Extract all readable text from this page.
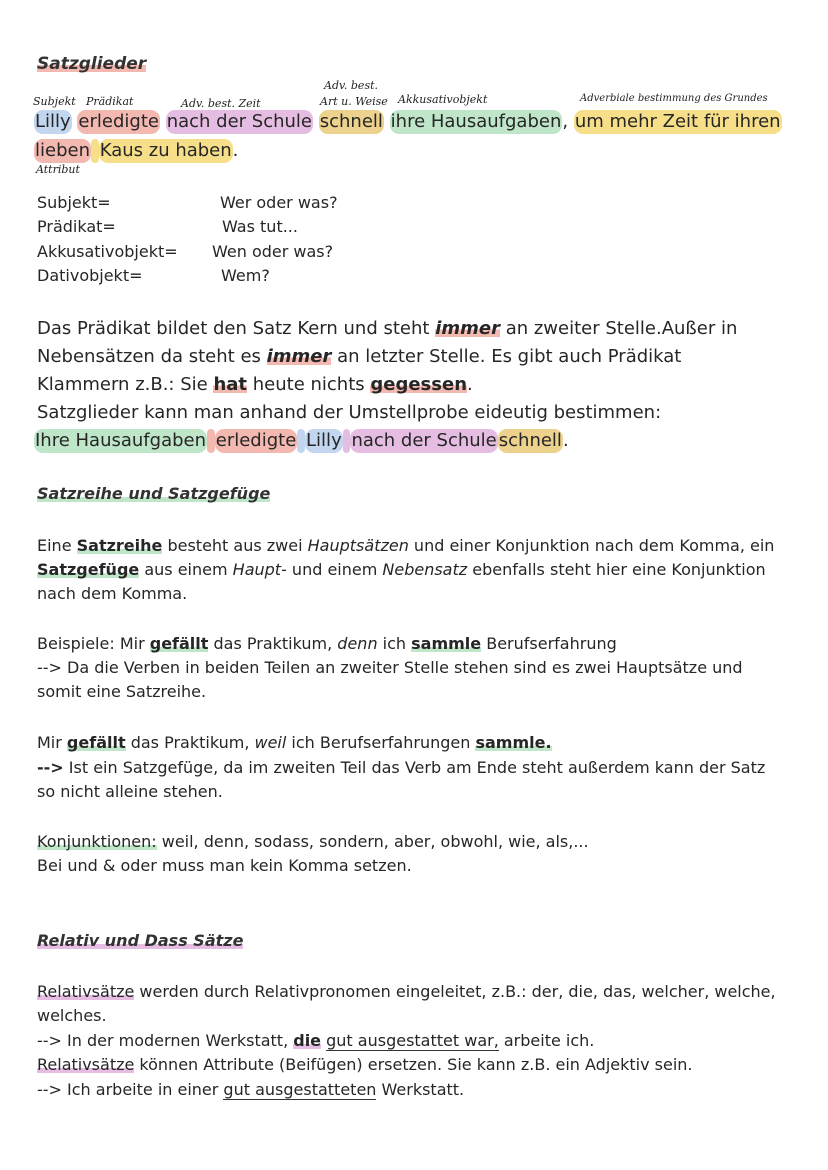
Satzglieder
Subjekt Prädikat	Adv. best. Zeit
Adv. best.
Art u. Weise Akkusativobjekt	Adverbiale bestimmung des Grundes
Lilly erledigte nach der Schule schnell ihre Hausaufgaben, um mehr Zeit für ihren
lieben Kaus zu haben.
Attribut
Subjekt=	Wer oder was?
Prädikat=	Was tut...
Akkusativobjekt= Wen oder was?
Dativobjekt=	Wem?
Das Prädikat bildet den Satz Kern und steht immer an zweiter Stelle.Außer in
Nebensätzen da steht es immer an letzter Stelle. Es gibt auch Prädikat
Klammern z.B.: Sie hat heute nichts gegessen.
Satzglieder kann man anhand der Umstellprobe eideutig bestimmen:
Ihre Hausaufgaben erledigte Lilly nach der Schule schnell.
Satzreihe und Satzgefüge
Eine Satzreihe besteht aus zwei Hauptsätzen und einer Konjunktion nach dem Komma, ein
Satzgefüge aus einem Haupt- und einem Nebensatz ebenfalls steht hier eine Konjunktion
nach dem Komma.
Beispiele: Mir gefällt das Praktikum, denn ich sammle Berufserfahrung
--> Da die Verben in beiden Teilen an zweiter Stelle stehen sind es zwei Hauptsätze und
somit eine Satzreihe.
Mir gefällt das Praktikum, weil ich Berufserfahrungen sammle.
--> Ist ein Satzgefüge, da im zweiten Teil das Verb am Ende steht außerdem kann der Satz
so nicht alleine stehen.
Konjunktionen: weil, denn, sodass, sondern, aber, obwohl, wie, als,...
Bei und & oder muss man kein Komma setzen.
Relativ und Dass Sätze
Relativsätze werden durch Relativpronomen eingeleitet, z.B.: der, die, das, welcher, welche,
welches.
--> In der modernen Werkstatt, die gut ausgestattet war, arbeite ich.
Relativsätze können Attribute (Beifügen) ersetzen. Sie kann z.B. ein Adjektiv sein.
--> Ich arbeite in einer gut ausgestatteten Werkstatt.
